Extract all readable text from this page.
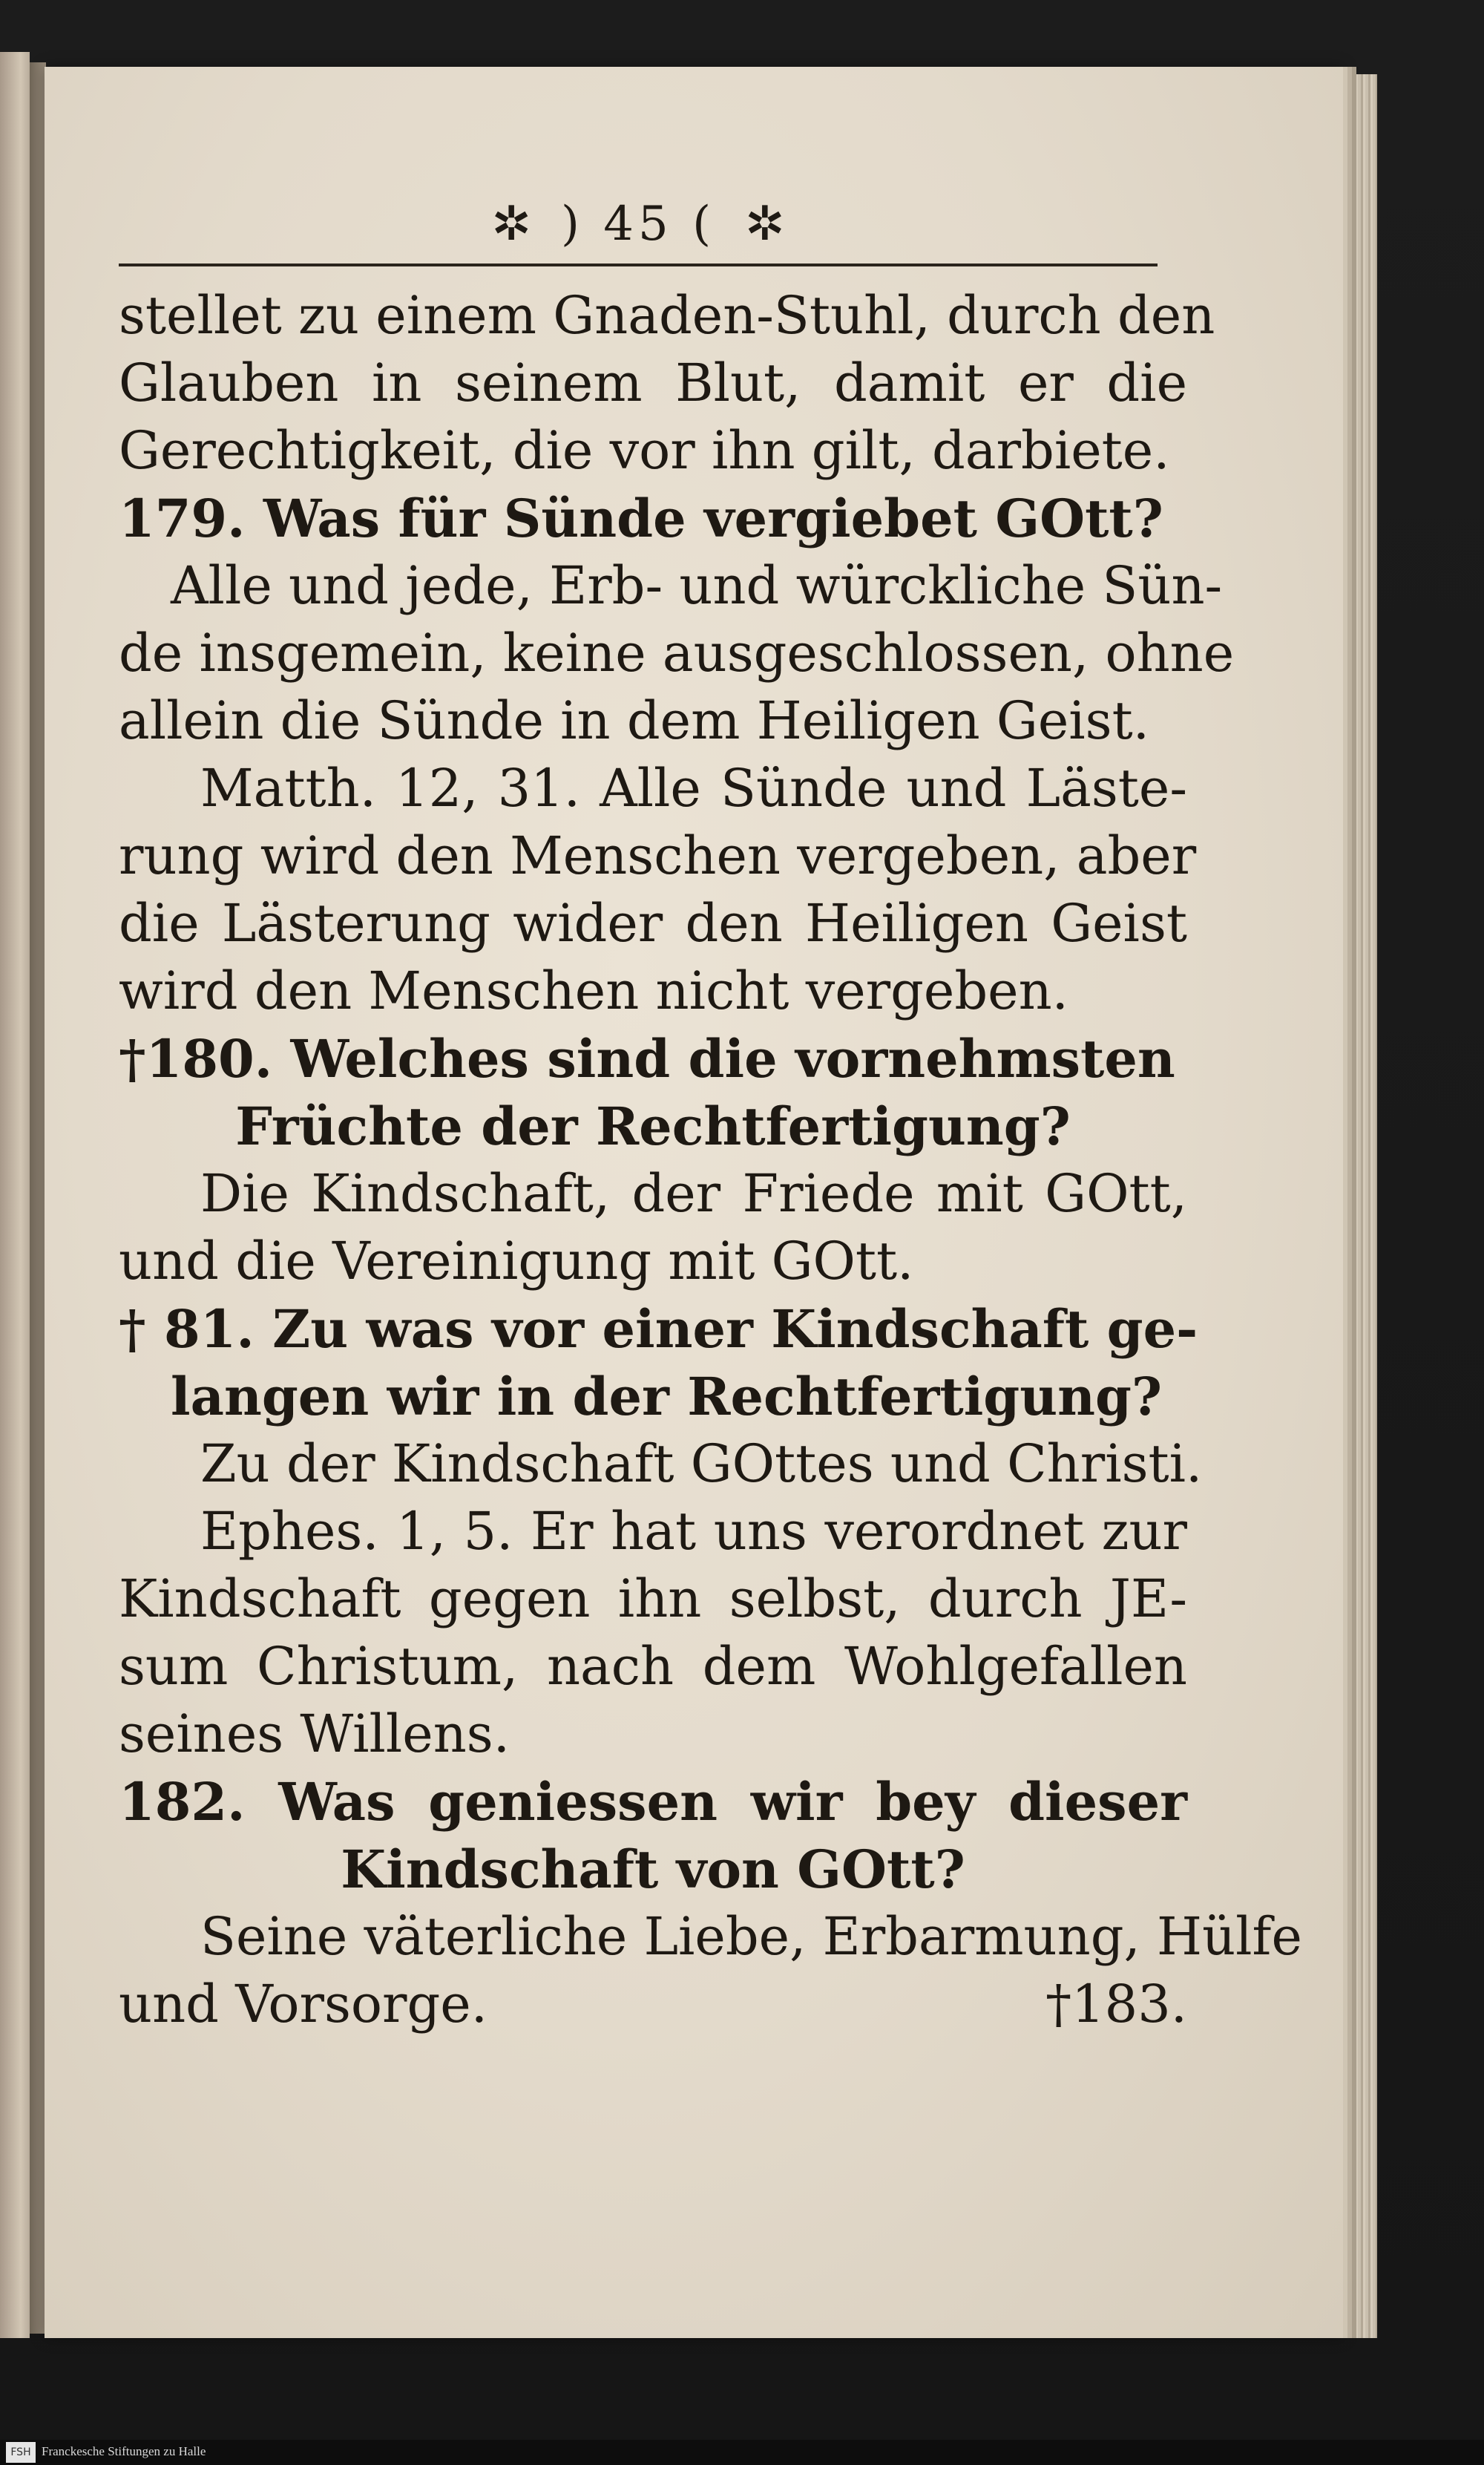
✲ ) 45 ( ✲
stellet zu einem Gnaden-Stuhl, durch den
Glauben in seinem Blut, damit er die
Gerechtigkeit, die vor ihn gilt, darbiete.
179. Was für Sünde vergiebet GOtt?
Alle und jede, Erb- und würckliche Sün-
de insgemein, keine ausgeschlossen, ohne
allein die Sünde in dem Heiligen Geist.
Matth. 12, 31. Alle Sünde und Läste-
rung wird den Menschen vergeben, aber
die Lästerung wider den Heiligen Geist
wird den Menschen nicht vergeben.
†180. Welches sind die vornehmsten
Früchte der Rechtfertigung?
Die Kindschaft, der Friede mit GOtt,
und die Vereinigung mit GOtt.
† 81. Zu was vor einer Kindschaft ge-
langen wir in der Rechtfertigung?
Zu der Kindschaft GOttes und Christi.
Ephes. 1, 5. Er hat uns verordnet zur
Kindschaft gegen ihn selbst, durch JE-
sum Christum, nach dem Wohlgefallen
seines Willens.
182. Was geniessen wir bey dieser
Kindschaft von GOtt?
Seine väterliche Liebe, Erbarmung, Hülfe
und Vorsorge.	†183.
FSH Franckesche Stiftungen zu Halle
